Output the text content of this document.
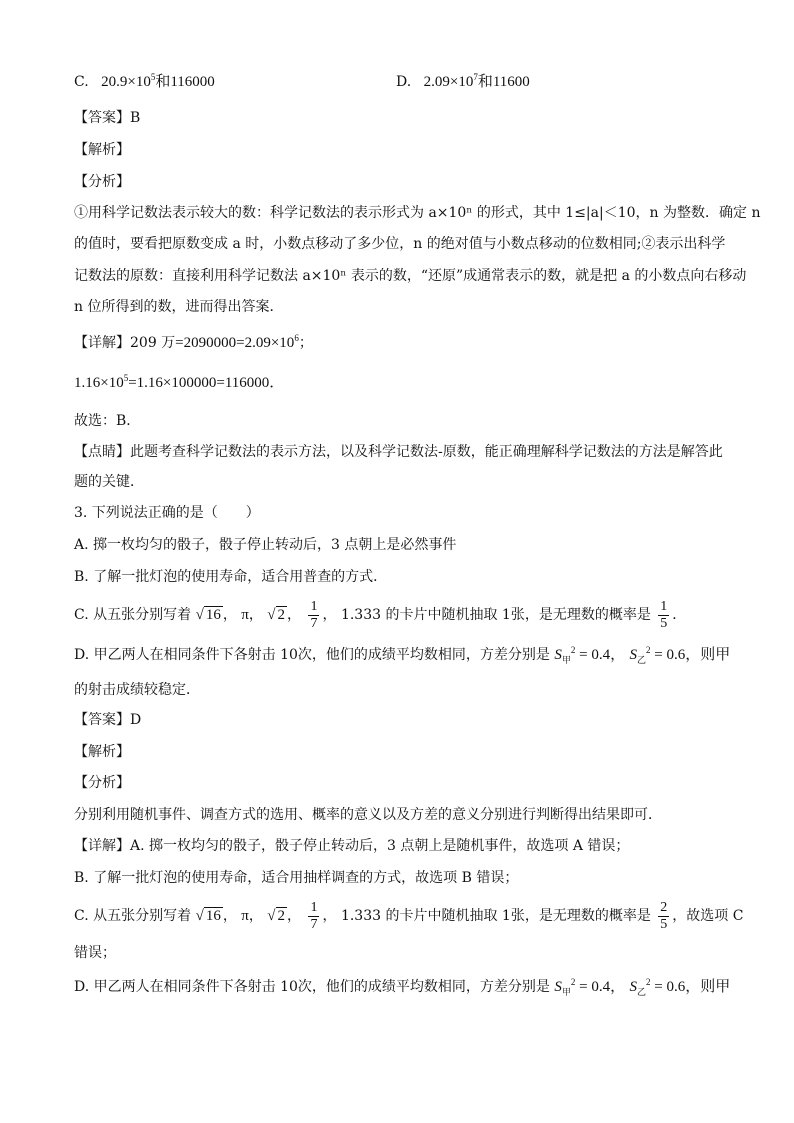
C. $20.9\times 10^5$和116000	D. $2.09\times 10^7$和11600
【答案】B
【解析】
【分析】
①用科学记数法表示较大的数：科学记数法的表示形式为 a×10ⁿ 的形式，其中 1≤|a|＜10，n 为整数．确定 n
的值时，要看把原数变成 a 时，小数点移动了多少位，n 的绝对值与小数点移动的位数相同;②表示出科学
记数法的原数：直接利用科学记数法 a×10ⁿ 表示的数，“还原”成通常表示的数，就是把 a 的小数点向右移动
n 位所得到的数，进而得出答案．
【详解】209 万$=2090000=2.09\times 10^6$；
$1.16\times 10^5=1.16\times 100000=116000$．
故选：B．
【点睛】此题考查科学记数法的表示方法，以及科学记数法-原数，能正确理解科学记数法的方法是解答此
题的关键．
3. 下列说法正确的是（　　）
A. 掷一枚均匀的骰子，骰子停止转动后，3 点朝上是必然事件
B. 了解一批灯泡的使用寿命，适合用普查的方式．
C. 从五张分别写着 √ 16 ， π， √ 2 ， $\frac{1}{7}$ ， 1.333 的卡片中随机抽取 1张，是无理数的概率是 $\frac{1}{5}$ ．
D. 甲乙两人在相同条件下各射击 10次，他们的成绩平均数相同，方差分别是 $S_甲^2 = 0.4$， $S_乙^2 = 0.6$，则甲
的射击成绩较稳定．
【答案】D
【解析】
【分析】
分别利用随机事件、调查方式的选用、概率的意义以及方差的意义分别进行判断得出结果即可．
【详解】A. 掷一枚均匀的骰子，骰子停止转动后，3 点朝上是随机事件，故选项 A 错误；
B. 了解一批灯泡的使用寿命，适合用抽样调查的方式，故选项 B 错误；
C. 从五张分别写着 √ 16 ， π， √ 2 ， $\frac{1}{7}$ ， 1.333 的卡片中随机抽取 1张，是无理数的概率是 $\frac{2}{5}$ ，故选项 C
错误；
D. 甲乙两人在相同条件下各射击 10次，他们的成绩平均数相同，方差分别是 $S_甲^2 = 0.4$， $S_乙^2 = 0.6$，则甲
